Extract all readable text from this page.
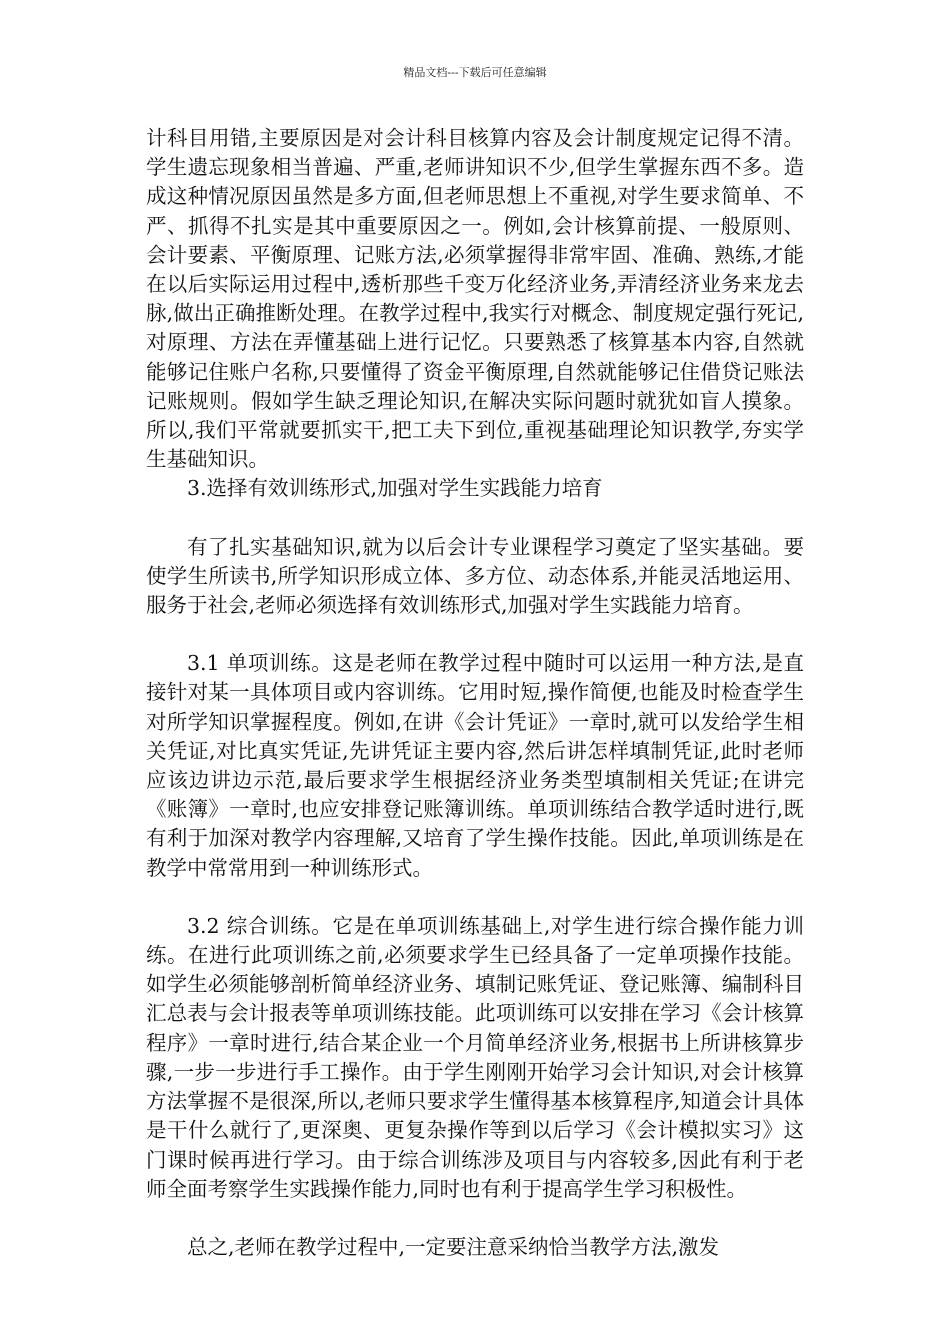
精品文档---下载后可任意编辑

计科目用错,主要原因是对会计科目核算内容及会计制度规定记得不清。学生遗忘现象相当普遍、严重,老师讲知识不少,但学生掌握东西不多。造成这种情况原因虽然是多方面,但老师思想上不重视,对学生要求简单、不严、抓得不扎实是其中重要原因之一。例如,会计核算前提、一般原则、会计要素、平衡原理、记账方法,必须掌握得非常牢固、准确、熟练,才能在以后实际运用过程中,透析那些千变万化经济业务,弄清经济业务来龙去脉,做出正确推断处理。在教学过程中,我实行对概念、制度规定强行死记,对原理、方法在弄懂基础上进行记忆。只要熟悉了核算基本内容,自然就能够记住账户名称,只要懂得了资金平衡原理,自然就能够记住借贷记账法记账规则。假如学生缺乏理论知识,在解决实际问题时就犹如盲人摸象。所以,我们平常就要抓实干,把工夫下到位,重视基础理论知识教学,夯实学生基础知识。

3.选择有效训练形式,加强对学生实践能力培育

有了扎实基础知识,就为以后会计专业课程学习奠定了坚实基础。要使学生所读书,所学知识形成立体、多方位、动态体系,并能灵活地运用、服务于社会,老师必须选择有效训练形式,加强对学生实践能力培育。

3.1 单项训练。这是老师在教学过程中随时可以运用一种方法,是直接针对某一具体项目或内容训练。它用时短,操作简便,也能及时检查学生对所学知识掌握程度。例如,在讲《会计凭证》一章时,就可以发给学生相关凭证,对比真实凭证,先讲凭证主要内容,然后讲怎样填制凭证,此时老师应该边讲边示范,最后要求学生根据经济业务类型填制相关凭证;在讲完《账簿》一章时,也应安排登记账簿训练。单项训练结合教学适时进行,既有利于加深对教学内容理解,又培育了学生操作技能。因此,单项训练是在教学中常常用到一种训练形式。

3.2 综合训练。它是在单项训练基础上,对学生进行综合操作能力训练。在进行此项训练之前,必须要求学生已经具备了一定单项操作技能。如学生必须能够剖析简单经济业务、填制记账凭证、登记账簿、编制科目汇总表与会计报表等单项训练技能。此项训练可以安排在学习《会计核算程序》一章时进行,结合某企业一个月简单经济业务,根据书上所讲核算步骤,一步一步进行手工操作。由于学生刚刚开始学习会计知识,对会计核算方法掌握不是很深,所以,老师只要求学生懂得基本核算程序,知道会计具体是干什么就行了,更深奥、更复杂操作等到以后学习《会计模拟实习》这门课时候再进行学习。由于综合训练涉及项目与内容较多,因此有利于老师全面考察学生实践操作能力,同时也有利于提高学生学习积极性。

总之,老师在教学过程中,一定要注意采纳恰当教学方法,激发
